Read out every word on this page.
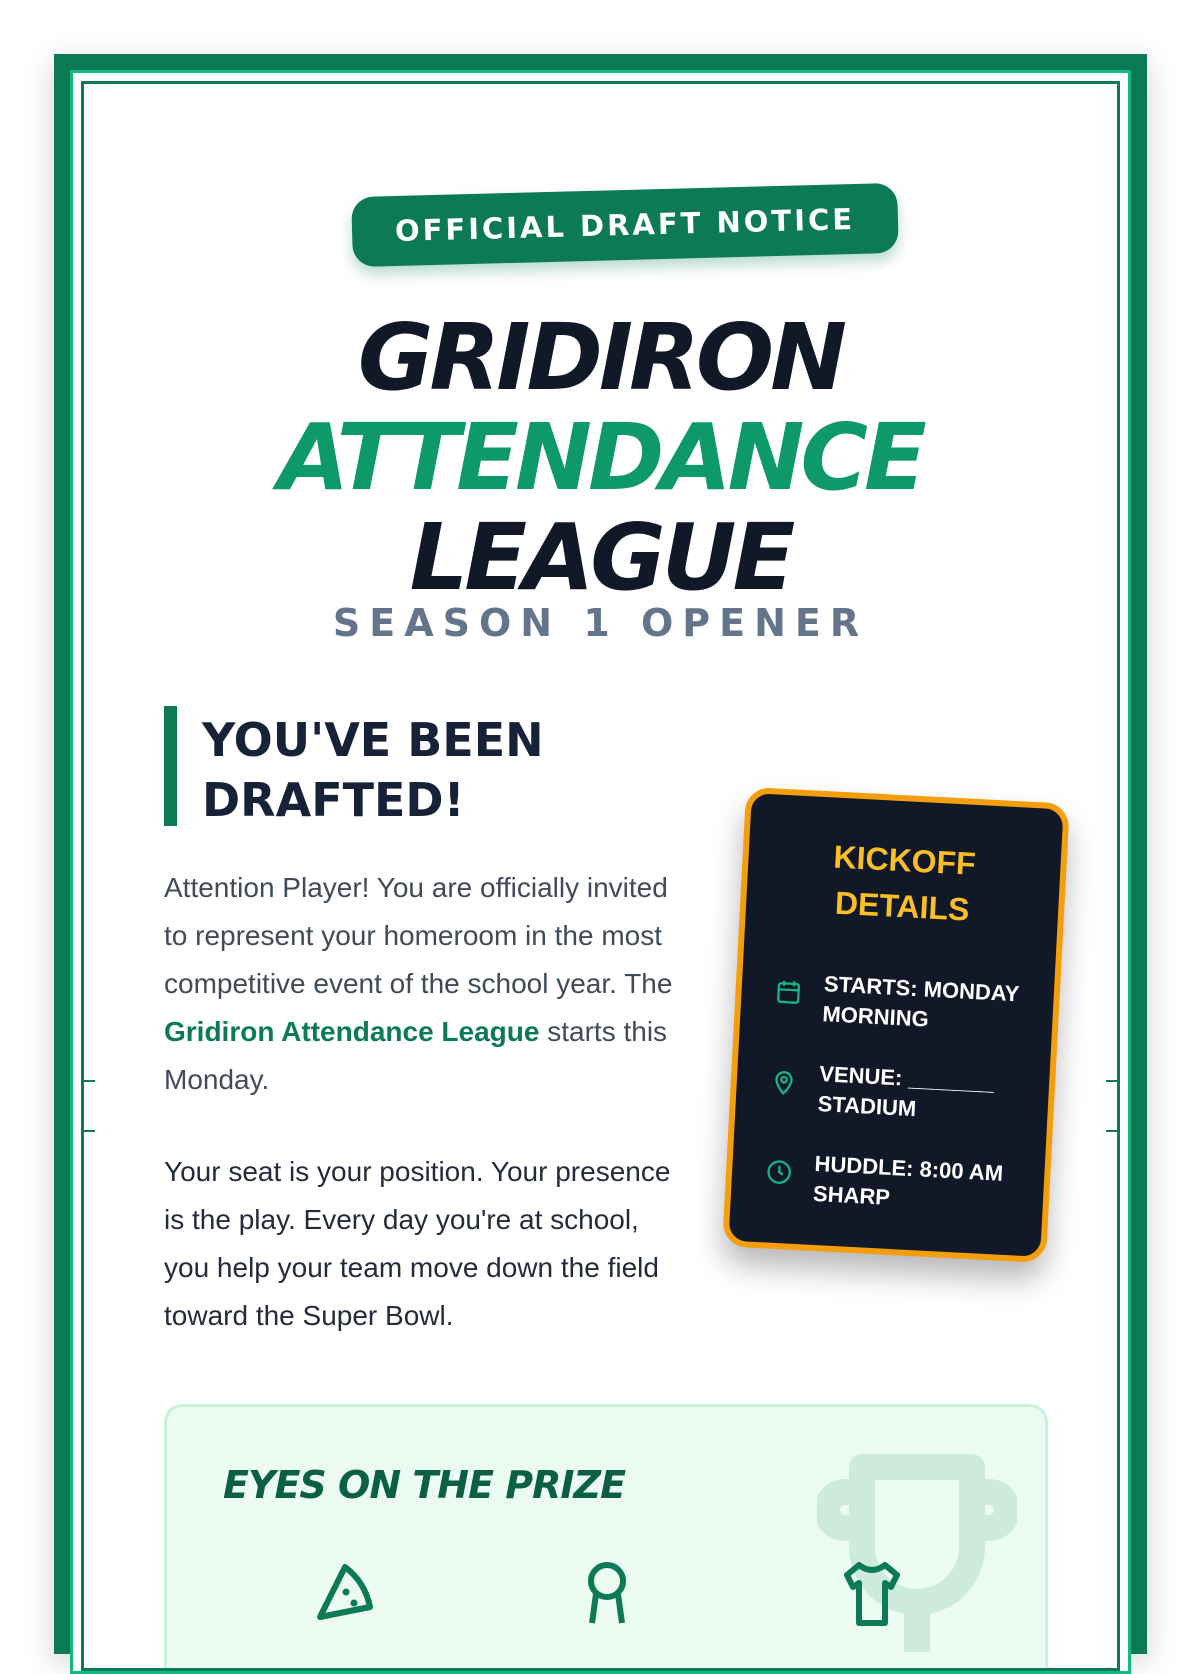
OFFICIAL DRAFT NOTICE
GRIDIRON
ATTENDANCE
LEAGUE
SEASON 1 OPENER
YOU'VE BEEN
DRAFTED!

Attention Player! You are officially invited to represent your homeroom in the most competitive event of the school year. The Gridiron Attendance League starts this Monday.

Your seat is your position. Your presence is the play. Every day you're at school, you help your team move down the field toward the Super Bowl.

KICKOFF
DETAILS
STARTS: MONDAY MORNING
VENUE: _______ STADIUM
HUDDLE: 8:00 AM SHARP
EYES ON THE PRIZE
